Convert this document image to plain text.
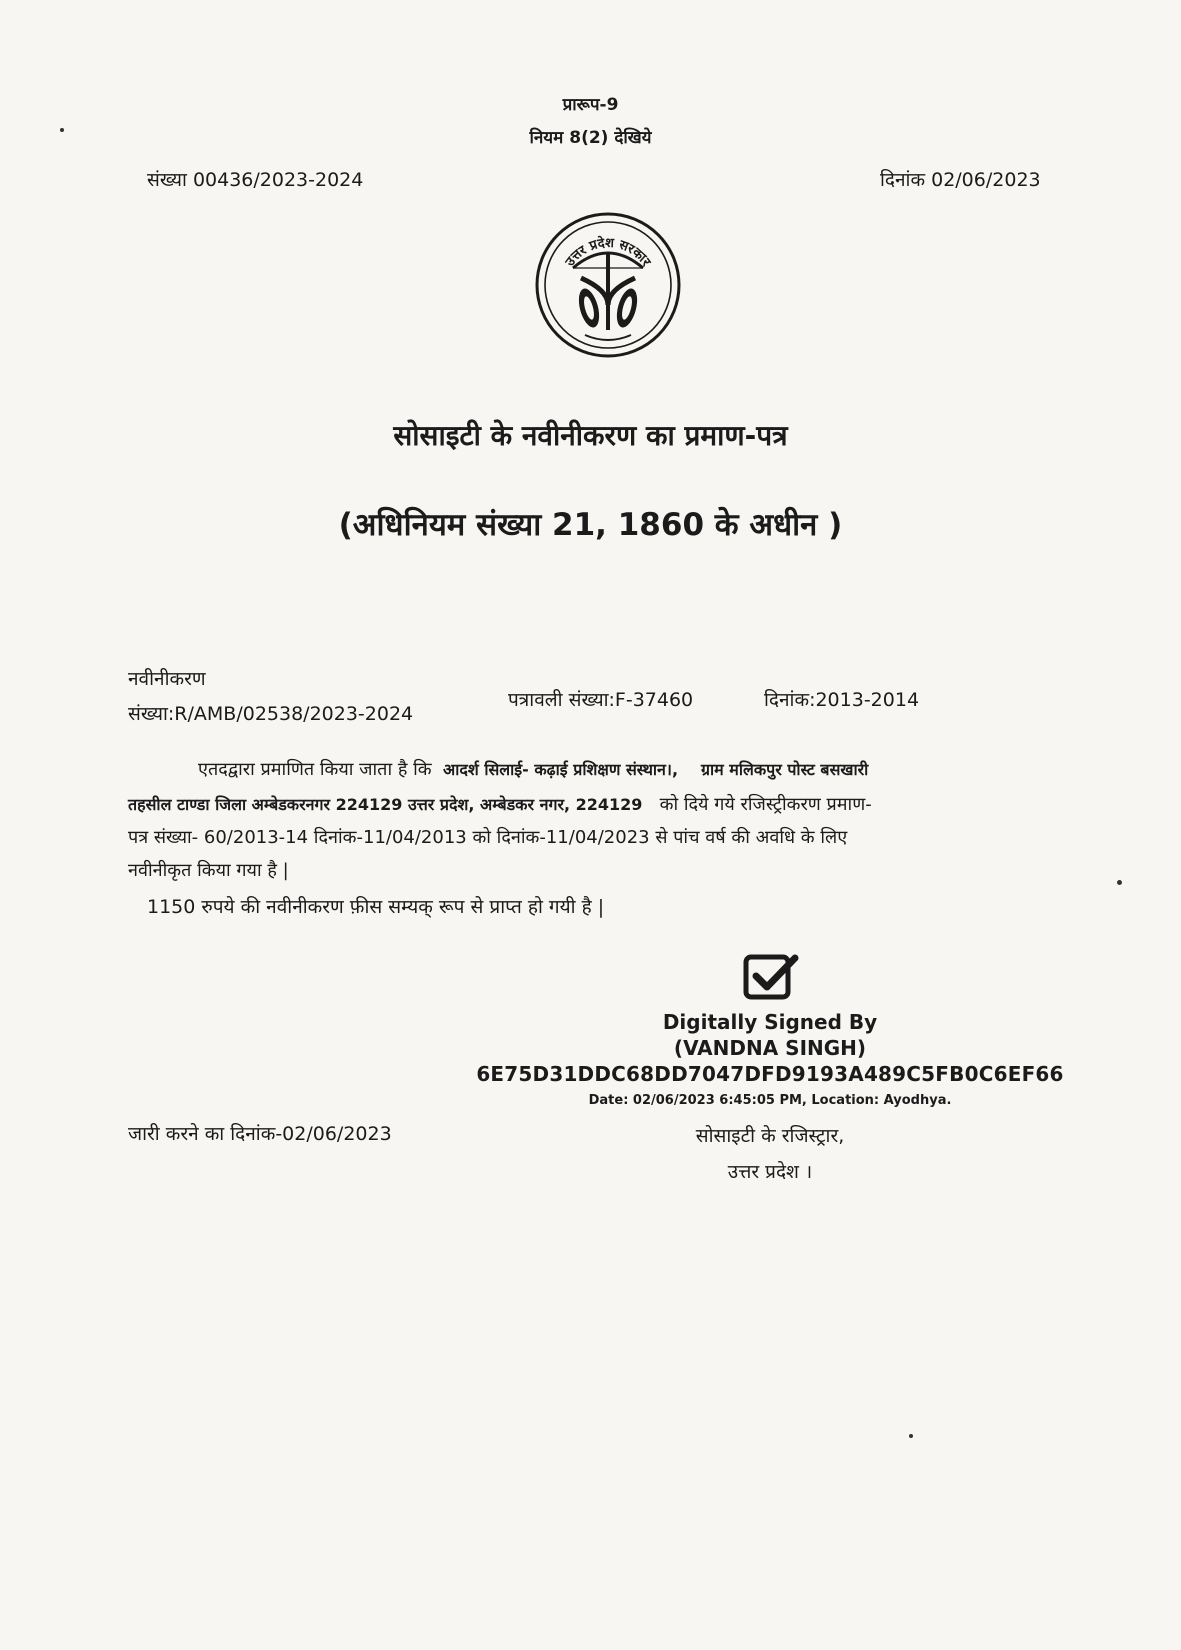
प्रारूप-9
नियम 8(2) देखिये
संख्या 00436/2023-2024	दिनांक 02/06/2023
उत्तर प्रदेश सरकार
सोसाइटी के नवीनीकरण का प्रमाण-पत्र
(अधिनियम संख्या 21, 1860 के अधीन )
नवीनीकरण
संख्या:R/AMB/02538/2023-2024
पत्रावली संख्या:F-37460	दिनांक:2013-2014
एतदद्वारा प्रमाणित किया जाता है कि आदर्श सिलाई- कढ़ाई प्रशिक्षण संस्थान।, ग्राम मलिकपुर पोस्ट बसखारी
तहसील टाण्डा जिला अम्बेडकरनगर 224129 उत्तर प्रदेश, अम्बेडकर नगर, 224129 को दिये गये रजिस्ट्रीकरण प्रमाण-
पत्र संख्या- 60/2013-14 दिनांक-11/04/2013 को दिनांक-11/04/2023 से पांच वर्ष की अवधि के लिए
नवीनीकृत किया गया है |
1150 रुपये की नवीनीकरण फ़ीस सम्यक् रूप से प्राप्त हो गयी है |
Digitally Signed By
(VANDNA SINGH)
6E75D31DDC68DD7047DFD9193A489C5FB0C6EF66
Date: 02/06/2023 6:45:05 PM, Location: Ayodhya.
जारी करने का दिनांक-02/06/2023	सोसाइटी के रजिस्ट्रार,
उत्तर प्रदेश ।
